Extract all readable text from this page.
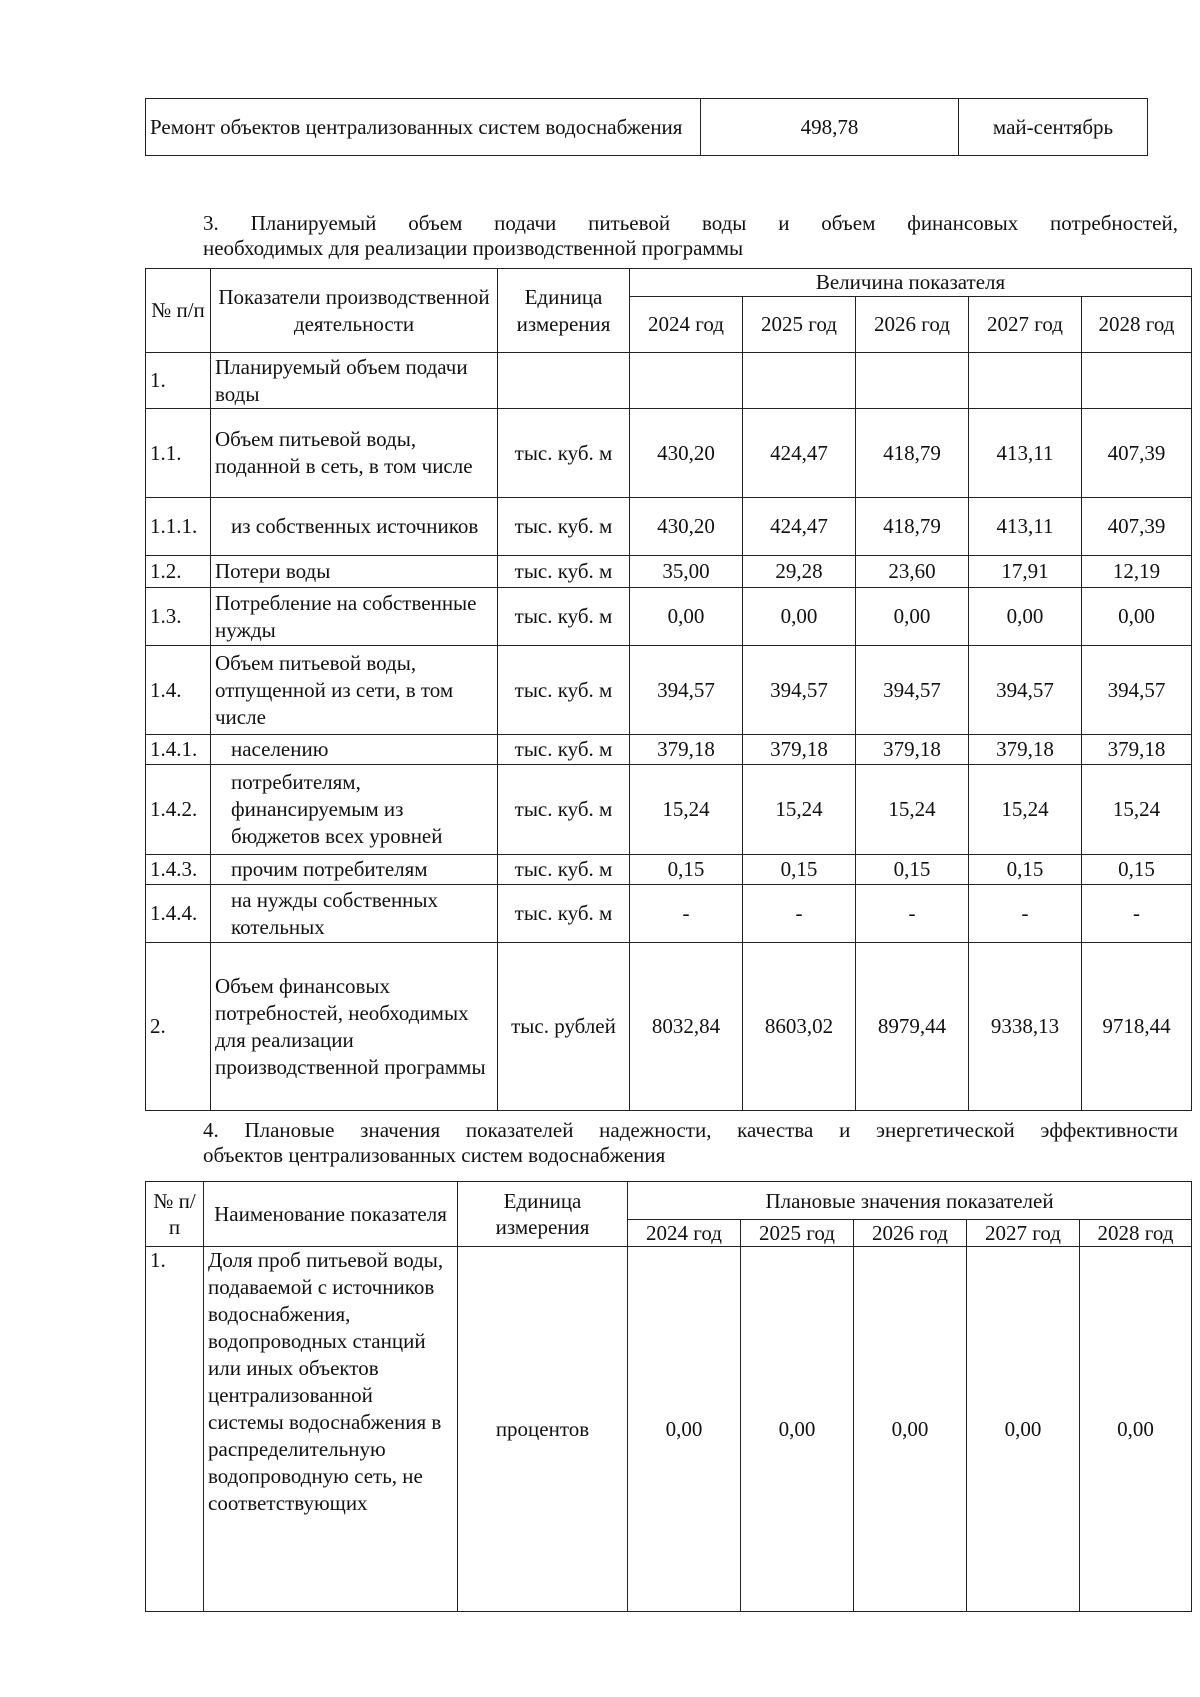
Ремонт объектов централизованных систем водоснабжения	498,78	май-сентябрь

3. Планируемый объем подачи питьевой воды и объем финансовых потребностей,
необходимых для реализации производственной программы

№ п/п	Показатели производственной деятельности	Единица измерения	Величина показателя				
			2024 год	2025 год	2026 год	2027 год	2028 год
1.	Планируемый объем подачи воды						
1.1.	Объем питьевой воды, поданной в сеть, в том числе	тыс. куб. м	430,20	424,47	418,79	413,11	407,39
1.1.1.	из собственных источников	тыс. куб. м	430,20	424,47	418,79	413,11	407,39
1.2.	Потери воды	тыс. куб. м	35,00	29,28	23,60	17,91	12,19
1.3.	Потребление на собственные нужды	тыс. куб. м	0,00	0,00	0,00	0,00	0,00
1.4.	Объем питьевой воды, отпущенной из сети, в том числе	тыс. куб. м	394,57	394,57	394,57	394,57	394,57
1.4.1.	населению	тыс. куб. м	379,18	379,18	379,18	379,18	379,18
1.4.2.	потребителям, финансируемым из бюджетов всех уровней	тыс. куб. м	15,24	15,24	15,24	15,24	15,24
1.4.3.	прочим потребителям	тыс. куб. м	0,15	0,15	0,15	0,15	0,15
1.4.4.	на нужды собственных котельных	тыс. куб. м	-	-	-	-	-
2.	Объем финансовых потребностей, необходимых для реализации производственной программы	тыс. рублей	8032,84	8603,02	8979,44	9338,13	9718,44

4. Плановые значения показателей надежности, качества и энергетической эффективности
объектов централизованных систем водоснабжения

№ п/п	Наименование показателя	Единица измерения	Плановые значения показателей				
			2024 год	2025 год	2026 год	2027 год	2028 год
1.	Доля проб питьевой воды, подаваемой с источников водоснабжения, водопроводных станций или иных объектов централизованной системы водоснабжения в распределительную водопроводную сеть, не соответствующих	процентов	0,00	0,00	0,00	0,00	0,00
